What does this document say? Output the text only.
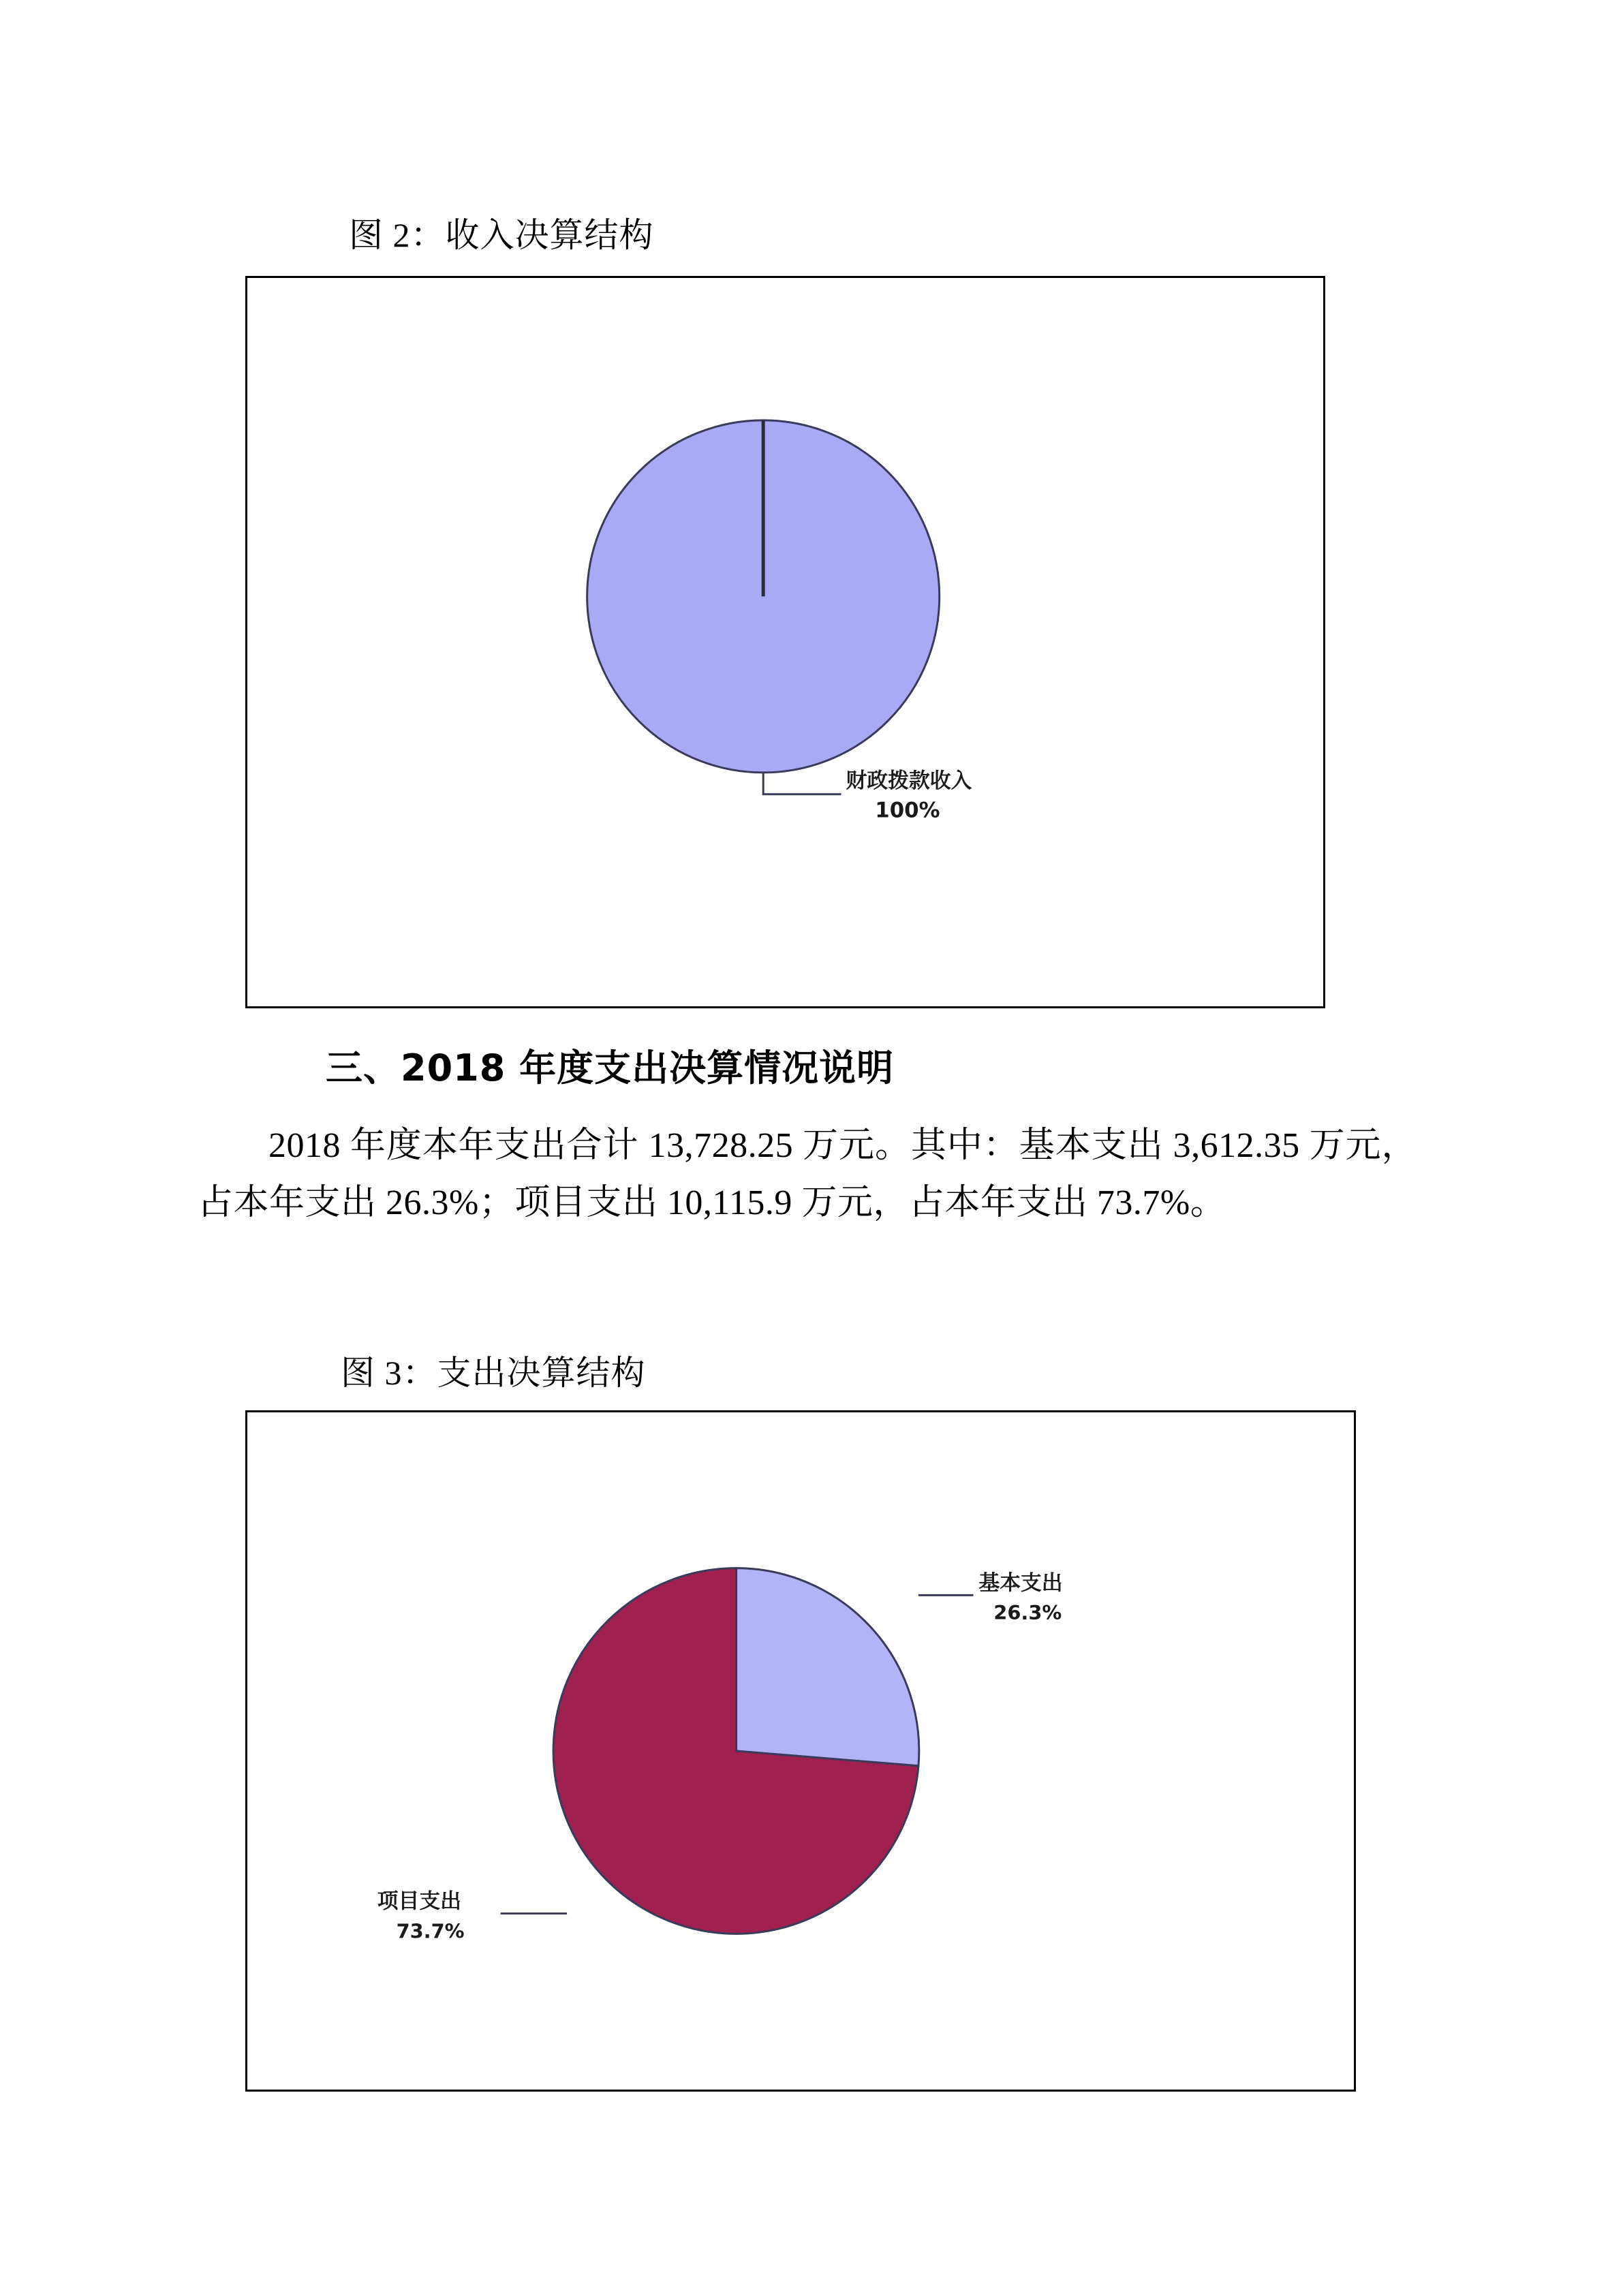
图 2：收入决算结构
财政拨款收入
100%
三、2018 年度支出决算情况说明
2018 年度本年支出合计 13,728.25 万元。其中：基本支出 3,612.35 万元，占本年支出 26.3%；项目支出 10,115.9 万元，占本年支出 73.7%。
图 3：支出决算结构
基本支出
26.3%
项目支出
73.7%
